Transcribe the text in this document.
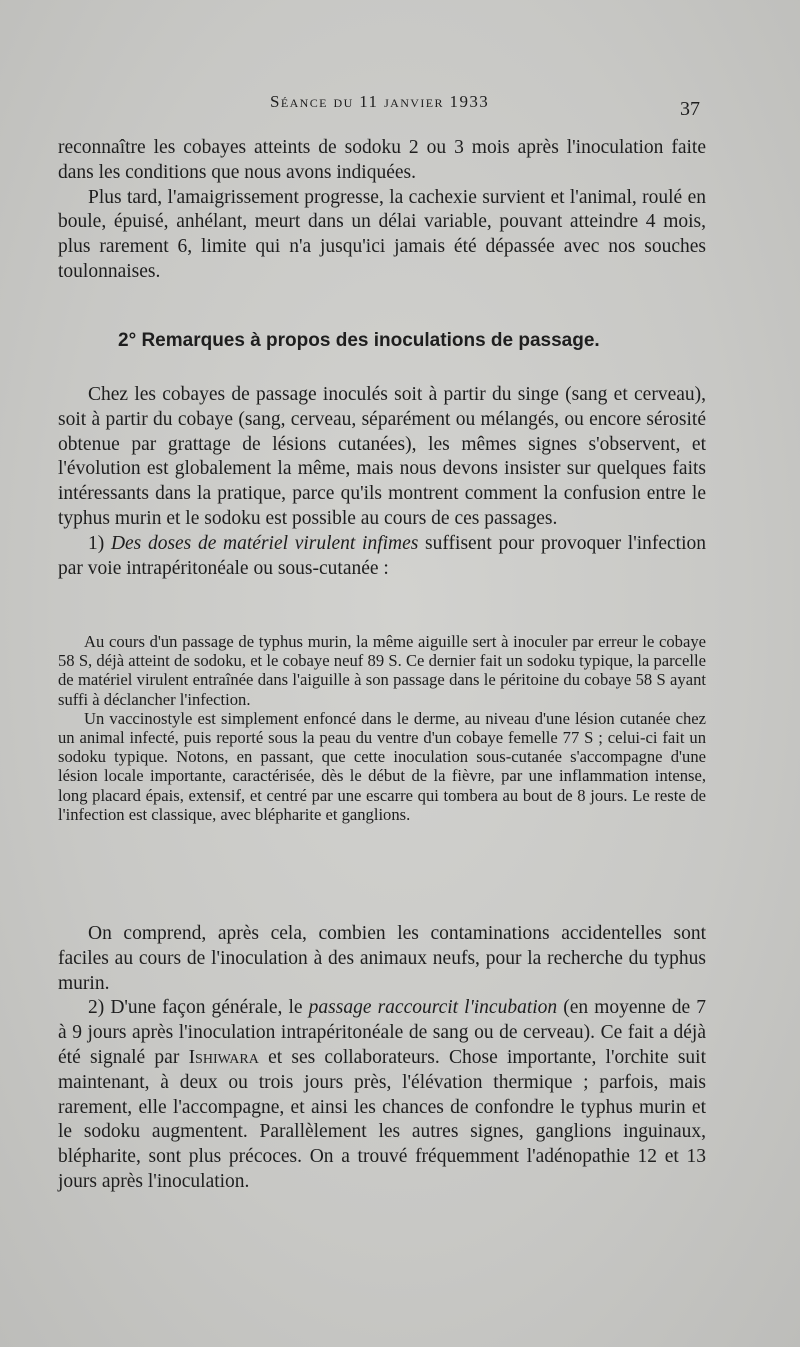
Séance du 11 janvier 1933	37

reconnaître les cobayes atteints de sodoku 2 ou 3 mois après l'inoculation faite dans les conditions que nous avons indiquées.

Plus tard, l'amaigrissement progresse, la cachexie survient et l'animal, roulé en boule, épuisé, anhélant, meurt dans un délai variable, pouvant atteindre 4 mois, plus rarement 6, limite qui n'a jusqu'ici jamais été dépassée avec nos souches toulonnaises.

2° Remarques à propos des inoculations de passage.

Chez les cobayes de passage inoculés soit à partir du singe (sang et cerveau), soit à partir du cobaye (sang, cerveau, séparément ou mélangés, ou encore sérosité obtenue par grattage de lésions cutanées), les mêmes signes s'observent, et l'évolution est globalement la même, mais nous devons insister sur quelques faits intéressants dans la pratique, parce qu'ils montrent comment la confusion entre le typhus murin et le sodoku est possible au cours de ces passages.

1) Des doses de matériel virulent infimes suffisent pour provoquer l'infection par voie intrapéritonéale ou sous-cutanée :

Au cours d'un passage de typhus murin, la même aiguille sert à inoculer par erreur le cobaye 58 S, déjà atteint de sodoku, et le cobaye neuf 89 S. Ce dernier fait un sodoku typique, la parcelle de matériel virulent entraînée dans l'aiguille à son passage dans le péritoine du cobaye 58 S ayant suffi à déclancher l'infection.

Un vaccinostyle est simplement enfoncé dans le derme, au niveau d'une lésion cutanée chez un animal infecté, puis reporté sous la peau du ventre d'un cobaye femelle 77 S ; celui-ci fait un sodoku typique. Notons, en passant, que cette inoculation sous-cutanée s'accompagne d'une lésion locale importante, caractérisée, dès le début de la fièvre, par une inflammation intense, long placard épais, extensif, et centré par une escarre qui tombera au bout de 8 jours. Le reste de l'infection est classique, avec blépharite et ganglions.

On comprend, après cela, combien les contaminations accidentelles sont faciles au cours de l'inoculation à des animaux neufs, pour la recherche du typhus murin.

2) D'une façon générale, le passage raccourcit l'incubation (en moyenne de 7 à 9 jours après l'inoculation intrapéritonéale de sang ou de cerveau). Ce fait a déjà été signalé par Ishiwara et ses collaborateurs. Chose importante, l'orchite suit maintenant, à deux ou trois jours près, l'élévation thermique ; parfois, mais rarement, elle l'accompagne, et ainsi les chances de confondre le typhus murin et le sodoku augmentent. Parallèlement les autres signes, ganglions inguinaux, blépharite, sont plus précoces. On a trouvé fréquemment l'adénopathie 12 et 13 jours après l'inoculation.
